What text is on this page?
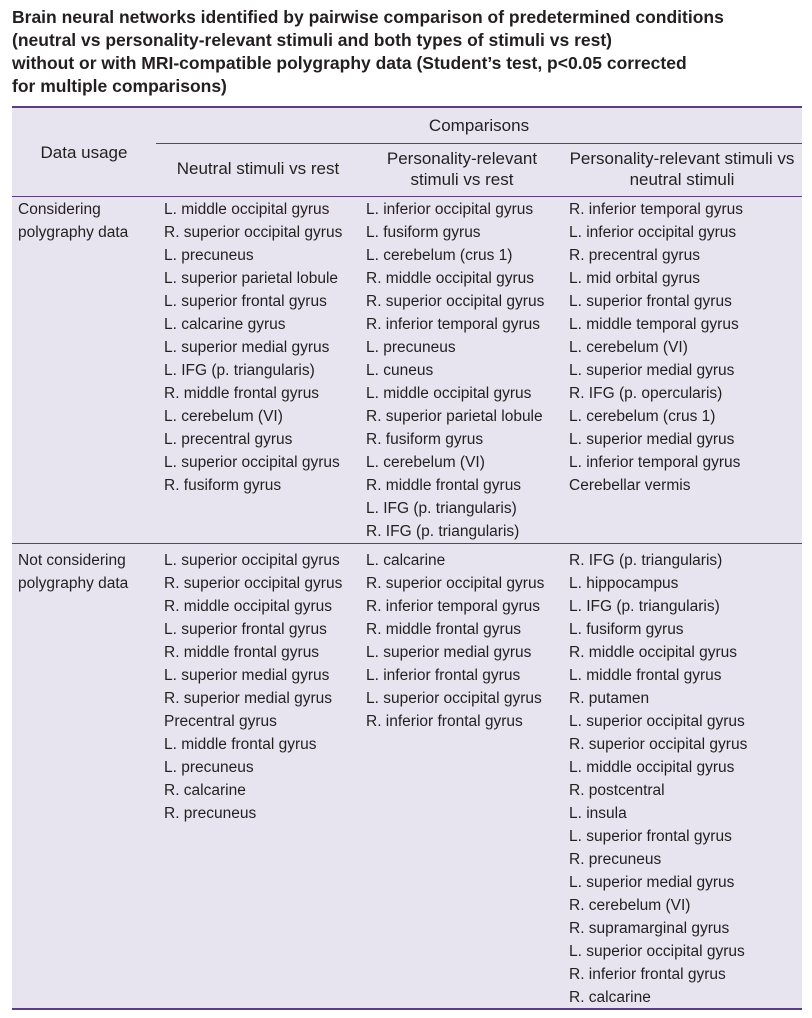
Brain neural networks identified by pairwise comparison of predetermined conditions
(neutral vs personality-relevant stimuli and both types of stimuli vs rest)
without or with MRI-compatible polygraphy data (Student’s test, p<0.05 corrected
for multiple comparisons)
Data usage
Comparisons
Neutral stimuli vs rest
Personality-relevant
stimuli vs rest
Personality-relevant stimuli vs
neutral stimuli
Considering
polygraphy data
L. middle occipital gyrus
R. superior occipital gyrus
L. precuneus
L. superior parietal lobule
L. superior frontal gyrus
L. calcarine gyrus
L. superior medial gyrus
L. IFG (p. triangularis)
R. middle frontal gyrus
L. cerebelum (VI)
L. precentral gyrus
L. superior occipital gyrus
R. fusiform gyrus
L. inferior occipital gyrus
L. fusiform gyrus
L. cerebelum (crus 1)
R. middle occipital gyrus
R. superior occipital gyrus
R. inferior temporal gyrus
L. precuneus
L. cuneus
L. middle occipital gyrus
R. superior parietal lobule
R. fusiform gyrus
L. cerebelum (VI)
R. middle frontal gyrus
L. IFG (p. triangularis)
R. IFG (p. triangularis)
R. inferior temporal gyrus
L. inferior occipital gyrus
R. precentral gyrus
L. mid orbital gyrus
L. superior frontal gyrus
L. middle temporal gyrus
L. cerebelum (VI)
L. superior medial gyrus
R. IFG (p. opercularis)
L. cerebelum (crus 1)
L. superior medial gyrus
L. inferior temporal gyrus
Cerebellar vermis
Not considering
polygraphy data
L. superior occipital gyrus
R. superior occipital gyrus
R. middle occipital gyrus
L. superior frontal gyrus
R. middle frontal gyrus
L. superior medial gyrus
R. superior medial gyrus
Precentral gyrus
L. middle frontal gyrus
L. precuneus
R. calcarine
R. precuneus
L. calcarine
R. superior occipital gyrus
R. inferior temporal gyrus
R. middle frontal gyrus
L. superior medial gyrus
L. inferior frontal gyrus
L. superior occipital gyrus
R. inferior frontal gyrus
R. IFG (p. triangularis)
L. hippocampus
L. IFG (p. triangularis)
L. fusiform gyrus
R. middle occipital gyrus
L. middle frontal gyrus
R. putamen
L. superior occipital gyrus
R. superior occipital gyrus
L. middle occipital gyrus
R. postcentral
L. insula
L. superior frontal gyrus
R. precuneus
L. superior medial gyrus
R. cerebelum (VI)
R. supramarginal gyrus
L. superior occipital gyrus
R. inferior frontal gyrus
R. calcarine
